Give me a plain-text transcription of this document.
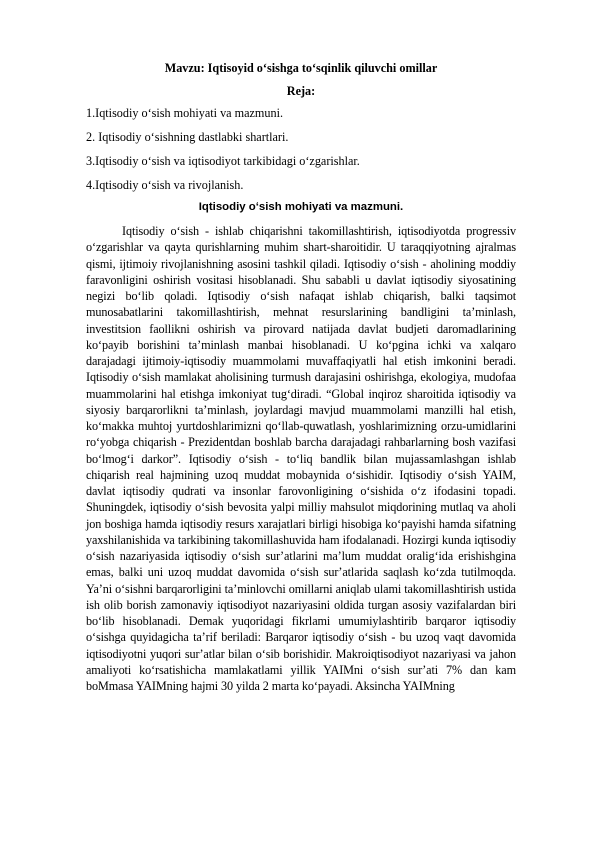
Mavzu: Iqtisoyid oʻsishga toʻsqinlik qiluvchi omillar
Reja:
1.Iqtisodiy oʻsish mohiyati va mazmuni.
2. Iqtisodiy oʻsishning dastlabki shartlari.
3.Iqtisodiy oʻsish va iqtisodiyot tarkibidagi oʻzgarishlar.
4.Iqtisodiy oʻsish va rivojlanish.
Iqtisodiy oʻsish mohiyati va mazmuni.

Iqtisodiy oʻsish - ishlab chiqarishni takomillashtirish, iqtisodiyotda progressiv oʻzgarishlar va qayta qurishlarning muhim shart-sharoitidir. U taraqqiyotning ajralmas qismi, ijtimoiy rivojlanishning asosini tashkil qiladi. Iqtisodiy oʻsish - aholining moddiy faravonligini oshirish vositasi hisoblanadi. Shu sababli u davlat iqtisodiy siyosatining negizi boʻlib qoladi. Iqtisodiy oʻsish nafaqat ishlab chiqarish, balki taqsimot munosabatlarini takomillashtirish, mehnat resurslarining bandligini taʼminlash, investitsion faollikni oshirish va pirovard natijada davlat budjeti daromadlarining koʻpayib borishini taʼminlash manbai hisoblanadi. U koʻpgina ichki va xalqaro darajadagi ijtimoiy-iqtisodiy muammolami muvaffaqiyatli hal etish imkonini beradi. Iqtisodiy oʻsish mamlakat aholisining turmush darajasini oshirishga, ekologiya, mudofaa muammolarini hal etishga imkoniyat tugʻdiradi. “Global inqiroz sharoitida iqtisodiy va siyosiy barqarorlikni taʼminlash, joylardagi mavjud muammolami manzilli hal etish, koʻmakka muhtoj yurtdoshlarimizni qoʻllab-quwatlash, yoshlarimizning orzu-umidlarini roʻyobga chiqarish - Prezidentdan boshlab barcha darajadagi rahbarlarning bosh vazifasi boʻlmogʻi darkor”. Iqtisodiy oʻsish - toʻliq bandlik bilan mujassamlashgan ishlab chiqarish real hajmining uzoq muddat mobaynida oʻsishidir. Iqtisodiy oʻsish YAIM, davlat iqtisodiy qudrati va insonlar farovonligining oʻsishida oʻz ifodasini topadi. Shuningdek, iqtisodiy oʻsish bevosita yalpi milliy mahsulot miqdorining mutlaq va aholi jon boshiga hamda iqtisodiy resurs xarajatlari birligi hisobiga koʻpayishi hamda sifatning yaxshilanishida va tarkibining takomillashuvida ham ifodalanadi. Hozirgi kunda iqtisodiy oʻsish nazariyasida iqtisodiy oʻsish surʼatlarini maʼlum muddat oraligʻida erishishgina emas, balki uni uzoq muddat davomida oʻsish surʼatlarida saqlash koʻzda tutilmoqda. Yaʼni oʻsishni barqarorligini taʼminlovchi omillarni aniqlab ulami takomillashtirish ustida ish olib borish zamonaviy iqtisodiyot nazariyasini oldida turgan asosiy vazifalardan biri boʻlib hisoblanadi. Demak yuqoridagi fikrlami umumiylashtirib barqaror iqtisodiy oʻsishga quyidagicha taʼrif beriladi: Barqaror iqtisodiy oʻsish - bu uzoq vaqt davomida iqtisodiyotni yuqori surʼatlar bilan oʻsib borishidir. Makroiqtisodiyot nazariyasi va jahon amaliyoti koʻrsatishicha mamlakatlami yillik YAIMni oʻsish surʼati 7% dan kam boMmasa YAIMning hajmi 30 yilda 2 marta koʻpayadi. Aksincha YAIMning
